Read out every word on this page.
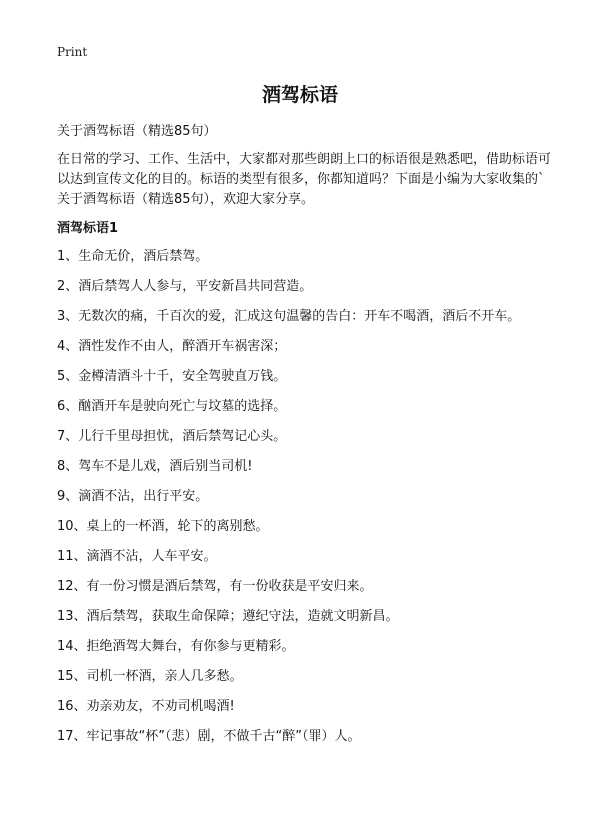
Print
酒驾标语

关于酒驾标语（精选85句）

在日常的学习、工作、生活中，大家都对那些朗朗上口的标语很是熟悉吧，借助标语可以达到宣传文化的目的。标语的类型有很多，你都知道吗？下面是小编为大家收集的`关于酒驾标语（精选85句），欢迎大家分享。

酒驾标语1
1、生命无价，酒后禁驾。
2、酒后禁驾人人参与，平安新昌共同营造。
3、无数次的痛，千百次的爱，汇成这句温馨的告白：开车不喝酒，酒后不开车。
4、酒性发作不由人，醉酒开车祸害深；
5、金樽清酒斗十千，安全驾驶直万钱。
6、酗酒开车是驶向死亡与坟墓的选择。
7、儿行千里母担忧，酒后禁驾记心头。
8、驾车不是儿戏，酒后别当司机!
9、滴酒不沾，出行平安。
10、桌上的一杯酒，轮下的离别愁。
11、滴酒不沾，人车平安。
12、有一份习惯是酒后禁驾，有一份收获是平安归来。
13、酒后禁驾，获取生命保障；遵纪守法，造就文明新昌。
14、拒绝酒驾大舞台，有你参与更精彩。
15、司机一杯酒，亲人几多愁。
16、劝亲劝友，不劝司机喝酒!
17、牢记事故“杯”（悲）剧，不做千古“醉”（罪）人。
